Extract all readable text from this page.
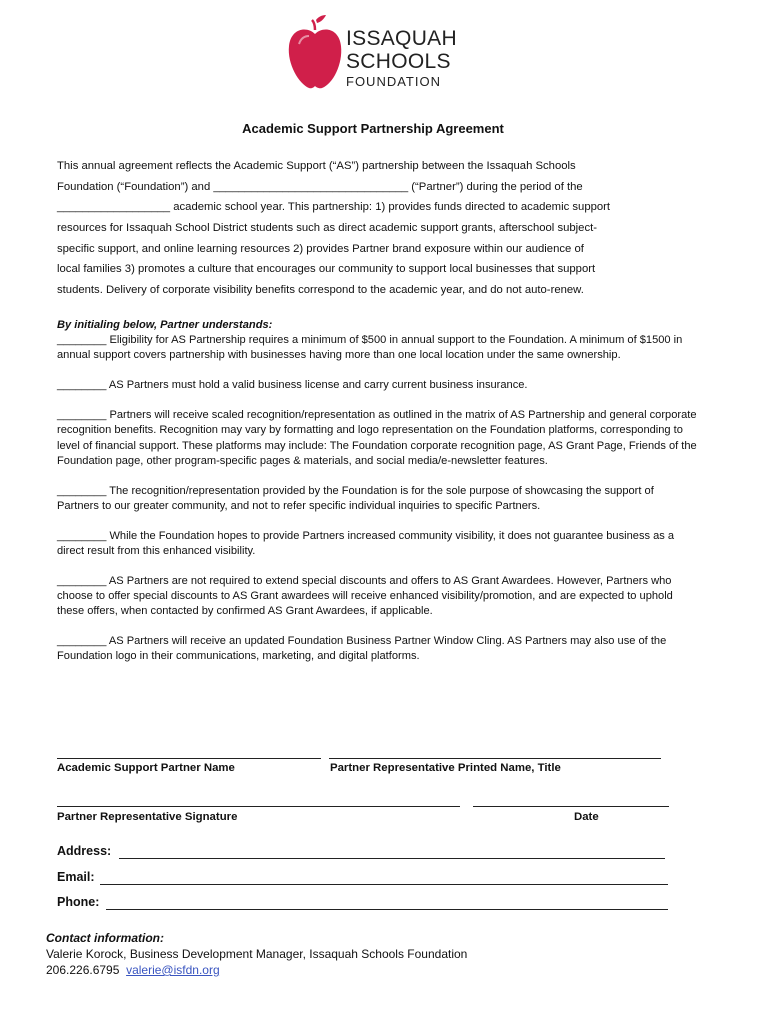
ISSAQUAH
SCHOOLS
FOUNDATION
Academic Support Partnership Agreement
This annual agreement reflects the Academic Support (“AS”) partnership between the Issaquah Schools
Foundation (“Foundation”) and _______________________________ (“Partner”) during the period of the
__________________ academic school year. This partnership: 1) provides funds directed to academic support
resources for Issaquah School District students such as direct academic support grants, afterschool subject-
specific support, and online learning resources 2) provides Partner brand exposure within our audience of
local families 3) promotes a culture that encourages our community to support local businesses that support
students. Delivery of corporate visibility benefits correspond to the academic year, and do not auto-renew.
By initialing below, Partner understands:

________ Eligibility for AS Partnership requires a minimum of $500 in annual support to the Foundation. A minimum of $1500 in annual support covers partnership with businesses having more than one local location under the same ownership.

________ AS Partners must hold a valid business license and carry current business insurance.

________ Partners will receive scaled recognition/representation as outlined in the matrix of AS Partnership and general corporate recognition benefits. Recognition may vary by formatting and logo representation on the Foundation platforms, corresponding to level of financial support. These platforms may include: The Foundation corporate recognition page, AS Grant Page, Friends of the Foundation page, other program-specific pages & materials, and social media/e-newsletter features.

________ The recognition/representation provided by the Foundation is for the sole purpose of showcasing the support of Partners to our greater community, and not to refer specific individual inquiries to specific Partners.

________ While the Foundation hopes to provide Partners increased community visibility, it does not guarantee business as a direct result from this enhanced visibility.

________ AS Partners are not required to extend special discounts and offers to AS Grant Awardees. However, Partners who choose to offer special discounts to AS Grant awardees will receive enhanced visibility/promotion, and are expected to uphold these offers, when contacted by confirmed AS Grant Awardees, if applicable.

________ AS Partners will receive an updated Foundation Business Partner Window Cling. AS Partners may also use of the Foundation logo in their communications, marketing, and digital platforms.

Academic Support Partner Name	Partner Representative Printed Name, Title
Partner Representative Signature	Date
Address:
Email:
Phone:
Contact information:
Valerie Korock, Business Development Manager, Issaquah Schools Foundation
206.226.6795 valerie@isfdn.org
